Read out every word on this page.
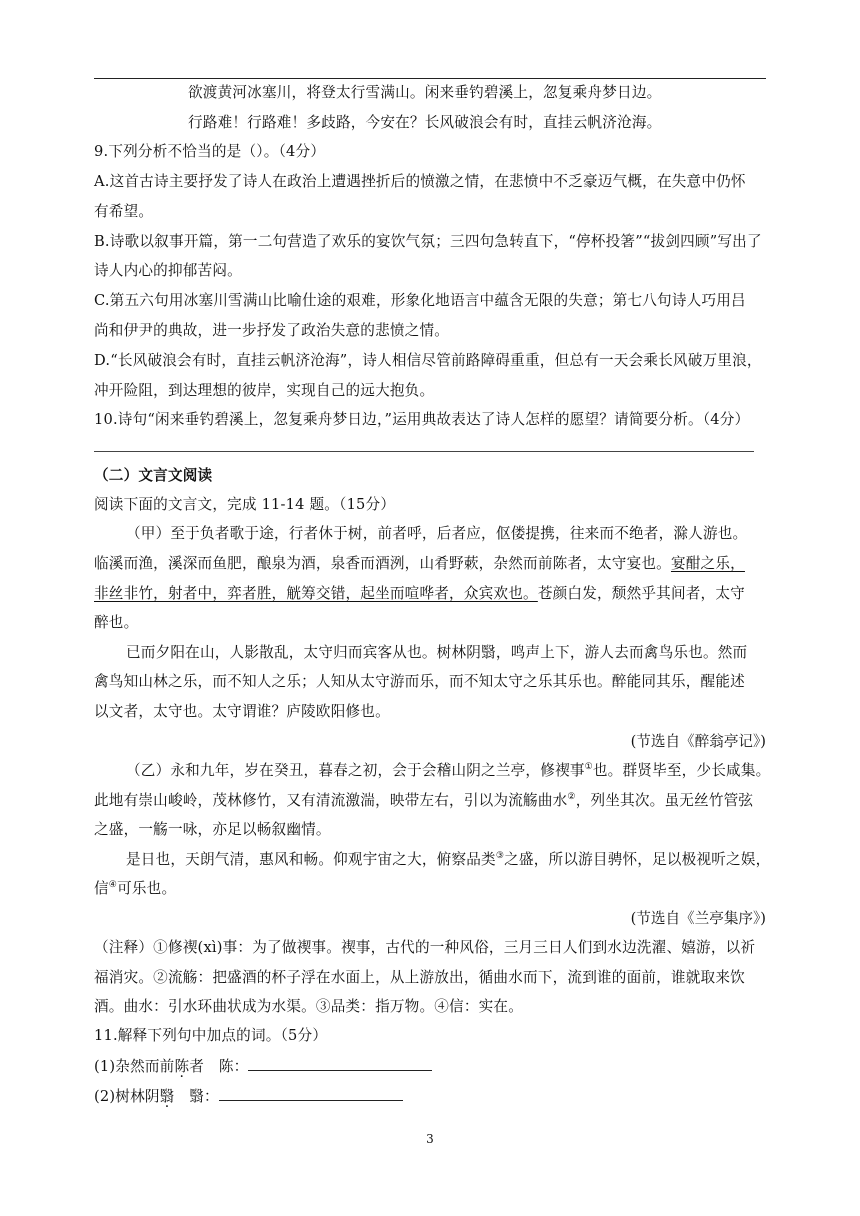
欲渡黄河冰塞川，将登太行雪满山。闲来垂钓碧溪上，忽复乘舟梦日边。
行路难！行路难！多歧路，今安在？长风破浪会有时，直挂云帆济沧海。
9.下列分析不恰当的是（）。（4分）
A.这首古诗主要抒发了诗人在政治上遭遇挫折后的愤激之情，在悲愤中不乏豪迈气概，在失意中仍怀
有希望。
B.诗歌以叙事开篇，第一二句营造了欢乐的宴饮气氛；三四句急转直下，“停杯投箸”“拔剑四顾”写出了
诗人内心的抑郁苦闷。
C.第五六句用冰塞川雪满山比喻仕途的艰难，形象化地语言中蕴含无限的失意；第七八句诗人巧用吕
尚和伊尹的典故，进一步抒发了政治失意的悲愤之情。
D.“长风破浪会有时，直挂云帆济沧海”，诗人相信尽管前路障碍重重，但总有一天会乘长风破万里浪，
冲开险阻，到达理想的彼岸，实现自己的远大抱负。
10.诗句“闲来垂钓碧溪上，忽复乘舟梦日边，”运用典故表达了诗人怎样的愿望？请简要分析。（4分）
（二）文言文阅读
阅读下面的文言文，完成 11-14 题。（15分）
（甲）至于负者歌于途，行者休于树，前者呼，后者应，伛偻提携，往来而不绝者，滁人游也。
临溪而渔，溪深而鱼肥，酿泉为酒，泉香而酒洌，山肴野蔌，杂然而前陈者，太守宴也。宴酣之乐，
非丝非竹，射者中，弈者胜，觥筹交错，起坐而喧哗者，众宾欢也。苍颜白发，颓然乎其间者，太守
醉也。
已而夕阳在山，人影散乱，太守归而宾客从也。树林阴翳，鸣声上下，游人去而禽鸟乐也。然而
禽鸟知山林之乐，而不知人之乐；人知从太守游而乐，而不知太守之乐其乐也。醉能同其乐，醒能述
以文者，太守也。太守谓谁？庐陵欧阳修也。
(节选自《醉翁亭记》)
（乙）永和九年，岁在癸丑，暮春之初，会于会稽山阴之兰亭，修禊事①也。群贤毕至，少长咸集。
此地有崇山峻岭，茂林修竹，又有清流激湍，映带左右，引以为流觞曲水②，列坐其次。虽无丝竹管弦
之盛，一觞一咏，亦足以畅叙幽情。
是日也，天朗气清，惠风和畅。仰观宇宙之大，俯察品类③之盛，所以游目骋怀，足以极视听之娱，
信④可乐也。
(节选自《兰亭集序》)
（注释）①修禊(xì)事：为了做禊事。禊事，古代的一种风俗，三月三日人们到水边洗濯、嬉游，以祈
福消灾。②流觞：把盛酒的杯子浮在水面上，从上游放出，循曲水而下，流到谁的面前，谁就取来饮
酒。曲水：引水环曲状成为水渠。③品类：指万物。④信：实在。
11.解释下列句中加点的词。（5分）
(1)杂然而前陈者　陈：
(2)树林阴翳　翳：
3
